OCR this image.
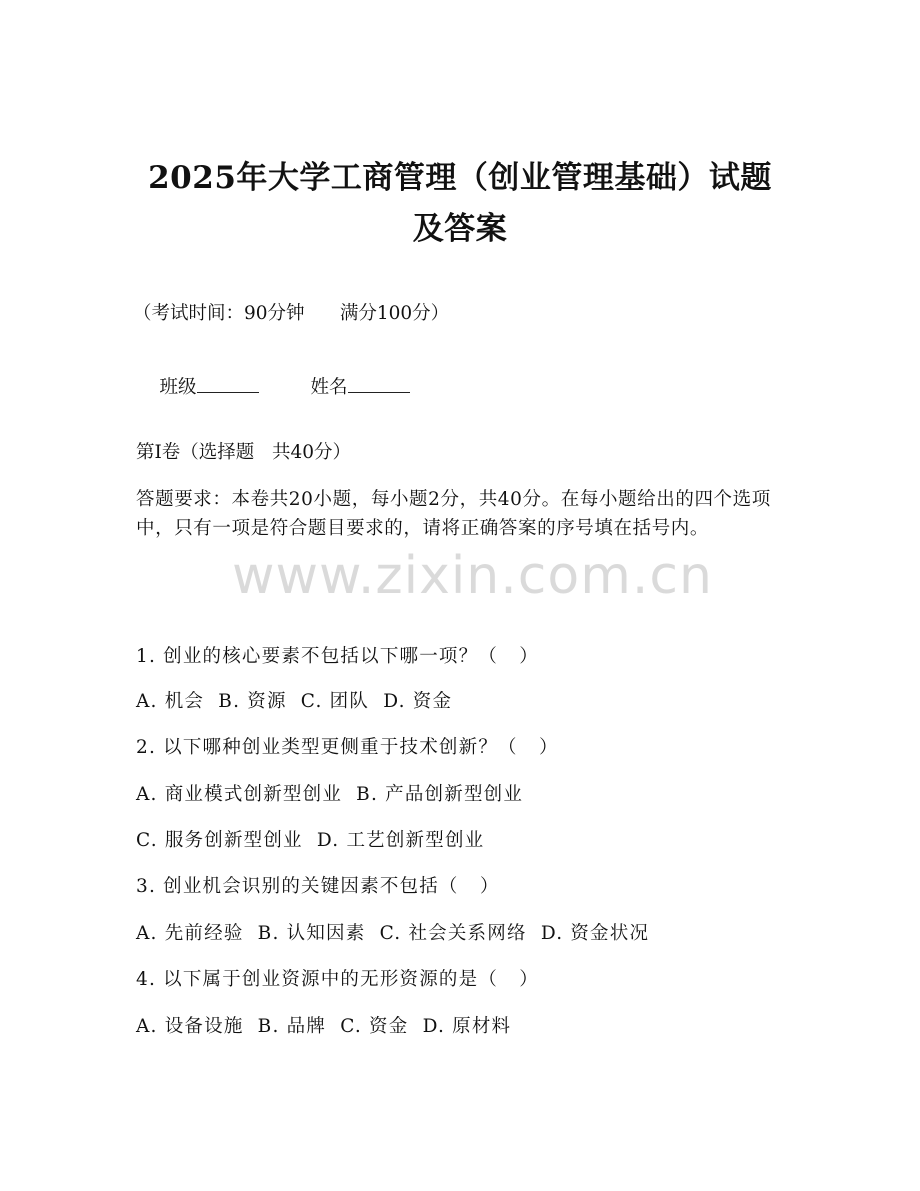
2025年大学工商管理（创业管理基础）试题
及答案
（考试时间：90分钟      满分100分）

班级	姓名

第I卷（选择题   共40分）
答题要求：本卷共20小题，每小题2分，共40分。在每小题给出的四个选项中，只有一项是符合题目要求的，请将正确答案的序号填在括号内。
www.zixin.com.cn
1. 创业的核心要素不包括以下哪一项？（   ）
A. 机会  B. 资源  C. 团队  D. 资金
2. 以下哪种创业类型更侧重于技术创新？（   ）
A. 商业模式创新型创业  B. 产品创新型创业
C. 服务创新型创业  D. 工艺创新型创业
3. 创业机会识别的关键因素不包括（   ）
A. 先前经验  B. 认知因素  C. 社会关系网络  D. 资金状况
4. 以下属于创业资源中的无形资源的是（   ）
A. 设备设施  B. 品牌  C. 资金  D. 原材料
